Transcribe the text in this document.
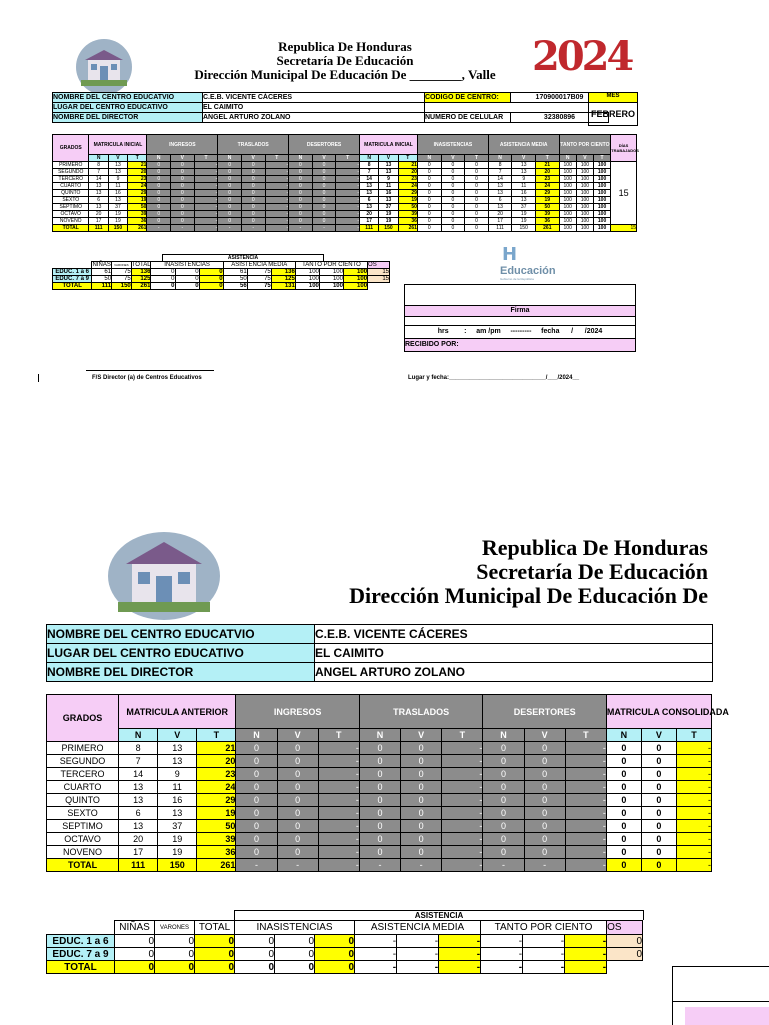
Republica De Honduras
Secretaría De Educación
Dirección Municipal De Educación De ________, Valle 2024
NOMBRE DEL CENTRO EDUCATVIO	C.E.B. VICENTE CÁCERES	CODIGO DE CENTRO:	170900017B09
LUGAR DEL CENTRO EDUCATIVO	EL CAIMITO		
NOMBRE DEL DIRECTOR	ANGEL ARTURO ZOLANO	NUMERO DE CELULAR	32380896
MES
FEBRERO
GRADOS	MATRICULA INICIAL			INGRESOS			TRASLADOS			DESERTORES			MATRICULA INICIAL			INASISTENCIAS			ASISTENCIA MEDIA			TANTO POR CIENTO			DÍAS TRABAJADOS
	N	V	T	N	V	T	N	V	T	N	V	T	N	V	T	N	V	T	N	V	T	N	V	T	
PRIMERO	8	13	21	0	0	-	0	0	-	0	0	-	8	13	21	0	0	0	8	13	21	100	100	100	15
SEGUNDO	7	13	20	0	0	-	0	0	-	0	0	-	7	13	20	0	0	0	7	13	20	100	100	100	
TERCERO	14	9	23	0	0	-	0	0	-	0	0	-	14	9	23	0	0	0	14	9	23	100	100	100	
CUARTO	13	11	24	0	0	-	0	0	-	0	0	-	13	11	24	0	0	0	13	11	24	100	100	100	
QUINTO	13	16	29	0	0	-	0	0	-	0	0	-	13	16	29	0	0	0	13	16	29	100	100	100	
SEXTO	6	13	19	0	0	-	0	0	-	0	0	-	6	13	19	0	0	0	6	13	19	100	100	100	
SEPTIMO	13	37	50	0	0	-	0	0	-	0	0	-	13	37	50	0	0	0	13	37	50	100	100	100	
OCTAVO	20	19	39	0	0	-	0	0	-	0	0	-	20	19	39	0	0	0	20	19	39	100	100	100	
NOVENO	17	19	36	0	0	-	0	0	-	0	0	-	17	19	36	0	0	0	17	19	36	100	100	100	
TOTAL	111	150	261	-	-	-	-	-	-	-	-	-	111	150	261	0	0	0	111	150	261	100	100	100	15
ASISTENCIA
	NIÑAS	VARONES	TOTAL	INASISTENCIAS			ASISTENCIA MEDIA			TANTO POR CIENTO			OS
EDUC. 1 a 6	61	75	136	0	0	0	61	75	136	100	100	100	15
EDUC. 7 a 9	50	75	125	0	0	0	50	75	125	100	100	100	15
TOTAL	111	150	261	0	0	0	56	75	131	100	100	100	
H
Educación
Gobierno de la República
Firma
hrs        :     am /pm     ---------     fecha      /      /2024
RECIBIDO POR:
F/S Director (a) de Centros Educativos	Lugar y fecha:_____________________________/___/2024__
Republica De Honduras
Secretaría De Educación
Dirección Municipal De Educación De
NOMBRE DEL CENTRO EDUCATVIO	C.E.B. VICENTE CÁCERES
LUGAR DEL CENTRO EDUCATIVO	EL CAIMITO
NOMBRE DEL DIRECTOR	ANGEL ARTURO ZOLANO
GRADOS	MATRICULA ANTERIOR			INGRESOS			TRASLADOS			DESERTORES			MATRICULA CONSOLIDADA		
	N	V	T	N	V	T	N	V	T	N	V	T	N	V	T
PRIMERO	8	13	21	0	0	-	0	0	-	0	0	-	0	0	-
SEGUNDO	7	13	20	0	0	-	0	0	-	0	0	-	0	0	-
TERCERO	14	9	23	0	0	-	0	0	-	0	0	-	0	0	-
CUARTO	13	11	24	0	0	-	0	0	-	0	0	-	0	0	-
QUINTO	13	16	29	0	0	-	0	0	-	0	0	-	0	0	-
SEXTO	6	13	19	0	0	-	0	0	-	0	0	-	0	0	-
SEPTIMO	13	37	50	0	0	-	0	0	-	0	0	-	0	0	-
OCTAVO	20	19	39	0	0	-	0	0	-	0	0	-	0	0	-
NOVENO	17	19	36	0	0	-	0	0	-	0	0	-	0	0	-
TOTAL	111	150	261	-	-	-	-	-	-	-	-	-	0	0	-
ASISTENCIA
	NIÑAS	VARONES	TOTAL	INASISTENCIAS			ASISTENCIA MEDIA			TANTO POR CIENTO			OS
EDUC. 1 a 6	0	0	0	0	0	0	-	-	-	-	-	-	0
EDUC. 7 a 9	0	0	0	0	0	0	-	-	-	-	-	-	0
TOTAL	0	0	0	0	0	0	-	-	-	-	-	-	
